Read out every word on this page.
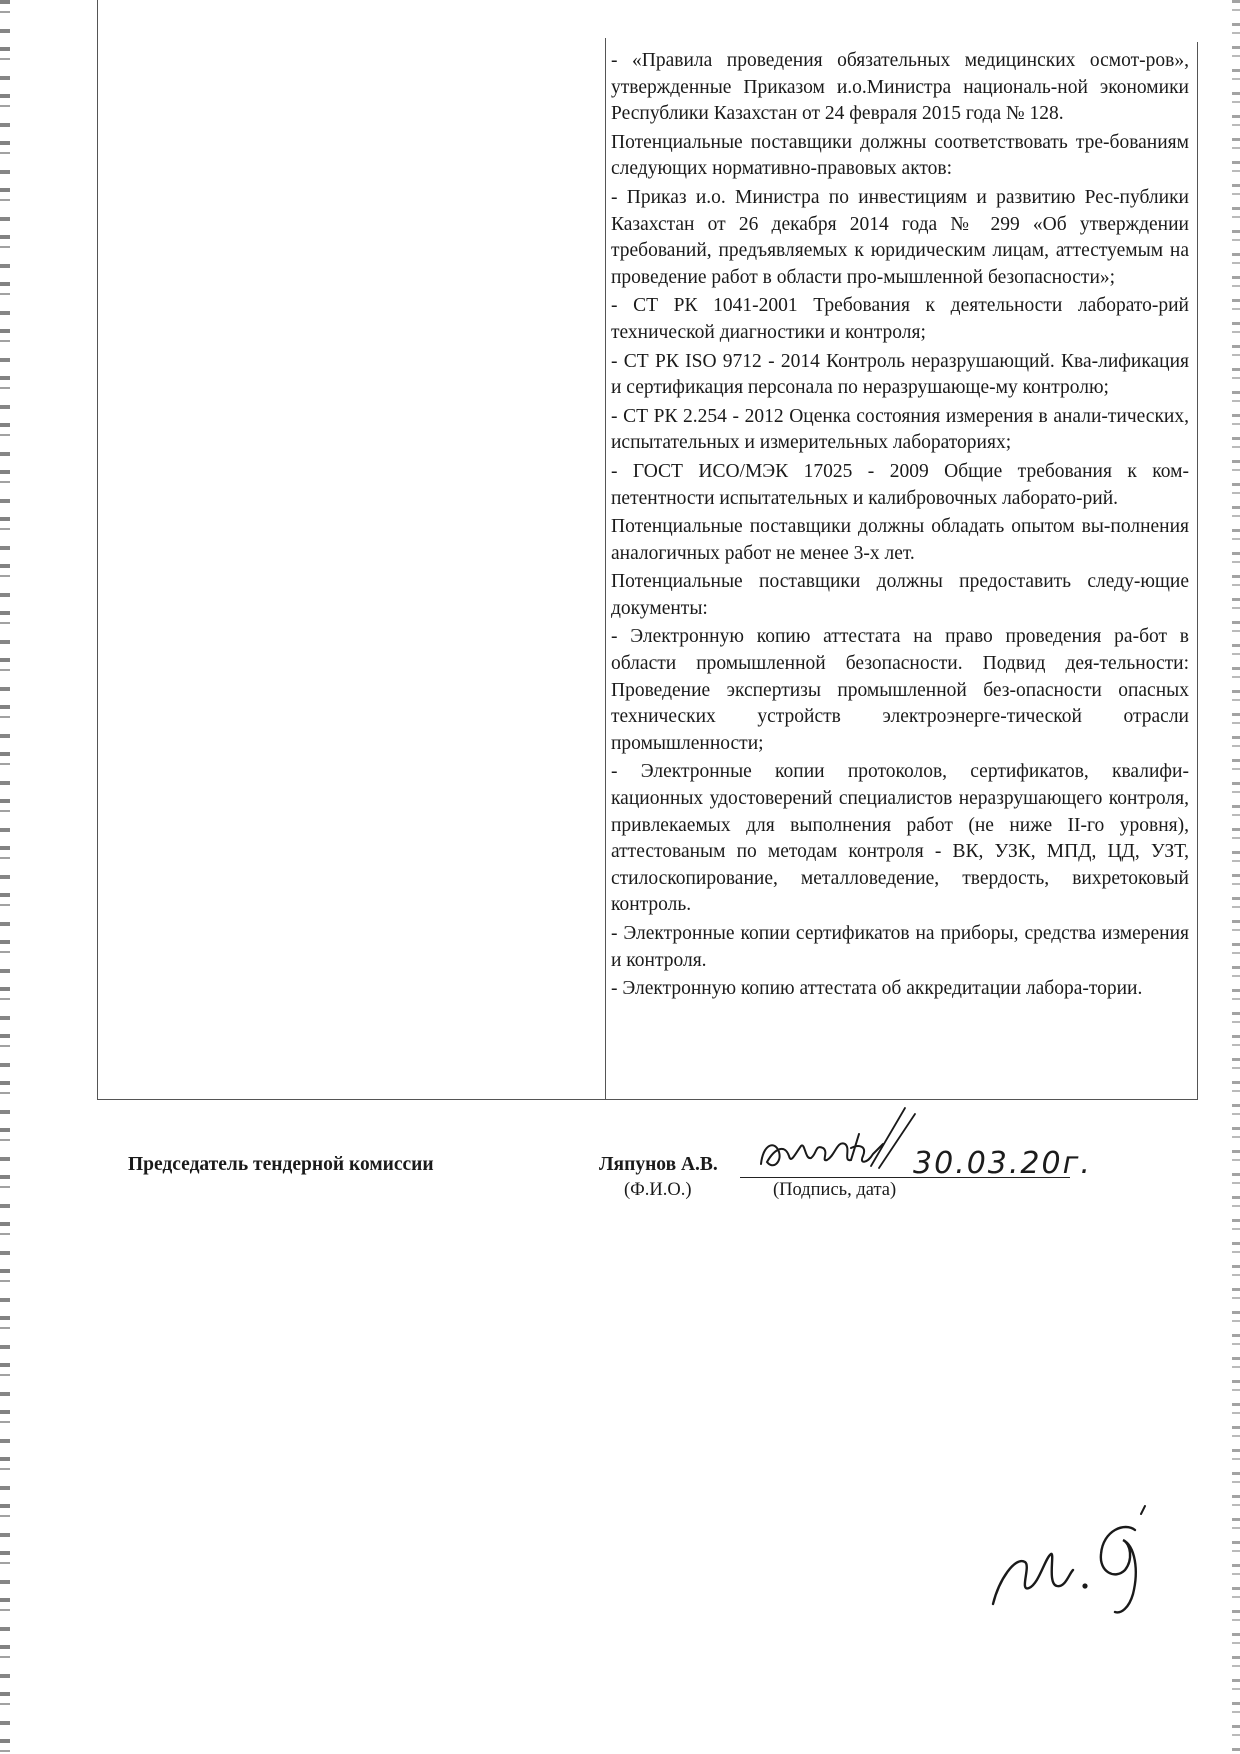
- «Правила проведения обязательных медицинских осмот-ров», утвержденные Приказом и.о.Министра националь-ной экономики Республики Казахстан от 24 февраля 2015 года № 128.

Потенциальные поставщики должны соответствовать тре-бованиям следующих нормативно-правовых актов:

- Приказ и.о. Министра по инвестициям и развитию Рес-публики Казахстан от 26 декабря 2014 года № 299 «Об утверждении требований, предъявляемых к юридическим лицам, аттестуемым на проведение работ в области про-мышленной безопасности»;

- СТ РК 1041-2001 Требования к деятельности лаборато-рий технической диагностики и контроля;

- СТ РК ISO 9712 - 2014 Контроль неразрушающий. Ква-лификация и сертификация персонала по неразрушающе-му контролю;

- СТ РК 2.254 - 2012 Оценка состояния измерения в анали-тических, испытательных и измерительных лабораториях;

- ГОСТ ИСО/МЭК 17025 - 2009 Общие требования к ком-петентности испытательных и калибровочных лаборато-рий.

Потенциальные поставщики должны обладать опытом вы-полнения аналогичных работ не менее 3-х лет.

Потенциальные поставщики должны предоставить следу-ющие документы:

- Электронную копию аттестата на право проведения ра-бот в области промышленной безопасности. Подвид дея-тельности: Проведение экспертизы промышленной без-опасности опасных технических устройств электроэнерге-тической отрасли промышленности;

- Электронные копии протоколов, сертификатов, квалифи-кационных удостоверений специалистов неразрушающего контроля, привлекаемых для выполнения работ (не ниже II-го уровня), аттестованым по методам контроля - ВК, УЗК, МПД, ЦД, УЗТ, стилоскопирование, металловедение, твердость, вихретоковый контроль.

- Электронные копии сертификатов на приборы, средства измерения и контроля.

- Электронную копию аттестата об аккредитации лабора-тории.

Председатель тендерной комиссии	Ляпунов А.В.
(Ф.И.О.)	(Подпись, дата)
30.03.20г.
